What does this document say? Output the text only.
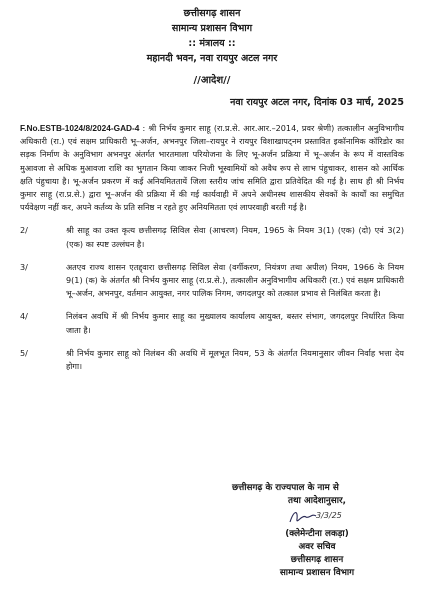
छत्तीसगढ़ शासन
सामान्य प्रशासन विभाग
:: मंत्रालय ::
महानदी भवन, नवा रायपुर अटल नगर
//आदेश//
नवा रायपुर अटल नगर, दिनांक 03 मार्च, 2025

F.No.ESTB-1024/8/2024-GAD-4 : श्री निर्भय कुमार साहू (रा.प्र.से. आर.आर.–2014, प्रवर श्रेणी) तत्कालीन अनुविभागीय अधिकारी (रा.) एवं सक्षम प्राधिकारी भू–अर्जन, अभनपुर जिला–रायपुर ने रायपुर विशाखापट्नम प्रस्तावित इकॉनामिक कॉरिडोर का सड़क निर्माण के अनुविभाग अभनपुर अंतर्गत भारतमाला परियोजना के लिए भू-अर्जन प्रक्रिया में भू–अर्जन के रूप में वास्तविक मुआवजा से अधिक मुआवजा राशि का भुगतान किया जाकर निजी भूस्वामियों को अवैध रूप से लाभ पंहुचाकर, शासन को आर्थिक क्षति पंहुचाया है। भू-अर्जन प्रकरण में कई अनियमिततायें जिला स्तरीय जांच समिति द्वारा प्रतिवेदित की गई है। साथ ही श्री निर्भय कुमार साहू (रा.प्र.से.) द्वारा भू–अर्जन की प्रक्रिया में की गई कार्यवाही में अपने अधीनस्थ शासकीय सेवकों के कार्यों का समुचित पर्यवेक्षण नहीं कर, अपने कर्तव्य के प्रति सनिष्ठ न रहते हुए अनियमितता एवं लापरवाही बरती गई है।

2/	श्री साहू का उक्त कृत्य छत्तीसगढ़ सिविल सेवा (आचरण) नियम, 1965 के नियम 3(1) (एक) (दो) एवं 3(2) (एक) का स्पष्ट उल्लंघन है।
3/	अतएव राज्य शासन एतद्द्वारा छत्तीसगढ़ सिविल सेवा (वर्गीकरण, नियंत्रण तथा अपील) नियम, 1966 के नियम 9(1) (क) के अंतर्गत श्री निर्भय कुमार साहू (रा.प्र.से.), तत्कालीन अनुविभागीय अधिकारी (रा.) एवं सक्षम प्राधिकारी भू–अर्जन, अभनपुर, वर्तमान आयुक्त, नगर पालिक निगम, जगदलपुर को तत्काल प्रभाव से निलंबित करता है।
4/	निलंबन अवधि में श्री निर्भय कुमार साहू का मुख्यालय कार्यालय आयुक्त, बस्तर संभाग, जगदलपुर निर्धारित किया जाता है।
5/	श्री निर्भय कुमार साहू को निलंबन की अवधि में मूलभूत नियम, 53 के अंतर्गत नियमानुसार जीवन निर्वाह भत्ता देय होगा।
छत्तीसगढ़ के राज्यपाल के नाम से
तथा आदेशानुसार,
3/3/25
(क्लेमेन्टीना लकड़ा)
अवर सचिव
छत्तीसगढ़ शासन
सामान्य प्रशासन विभाग
